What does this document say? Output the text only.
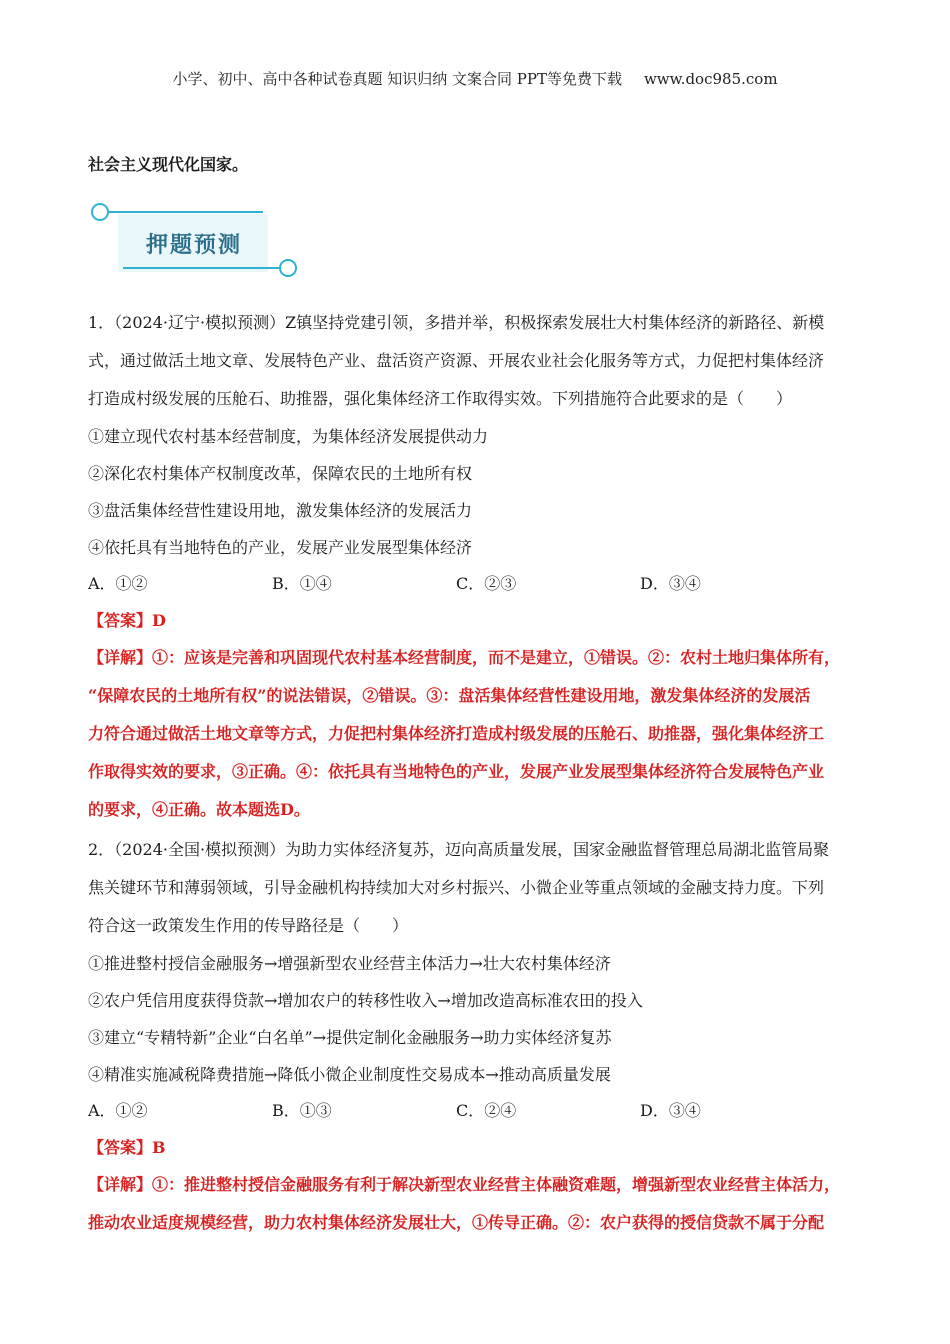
小学、初中、高中各种试卷真题 知识归纳 文案合同 PPT等免费下载 www.doc985.com

社会主义现代化国家。

押题预测

1．（2024·辽宁·模拟预测）Z镇坚持党建引领，多措并举，积极探索发展壮大村集体经济的新路径、新模

式，通过做活土地文章、发展特色产业、盘活资产资源、开展农业社会化服务等方式，力促把村集体经济

打造成村级发展的压舱石、助推器，强化集体经济工作取得实效。下列措施符合此要求的是（　　）

①建立现代农村基本经营制度，为集体经济发展提供动力

②深化农村集体产权制度改革，保障农民的土地所有权

③盘活集体经营性建设用地，激发集体经济的发展活力

④依托具有当地特色的产业，发展产业发展型集体经济

A．①②	B．①④	C．②③	D．③④

【答案】D

【详解】①：应该是完善和巩固现代农村基本经营制度，而不是建立，①错误。②：农村土地归集体所有，

“保障农民的土地所有权”的说法错误，②错误。③：盘活集体经营性建设用地，激发集体经济的发展活

力符合通过做活土地文章等方式，力促把村集体经济打造成村级发展的压舱石、助推器，强化集体经济工

作取得实效的要求，③正确。④：依托具有当地特色的产业，发展产业发展型集体经济符合发展特色产业

的要求，④正确。故本题选D。

2．（2024·全国·模拟预测）为助力实体经济复苏，迈向高质量发展，国家金融监督管理总局湖北监管局聚

焦关键环节和薄弱领域，引导金融机构持续加大对乡村振兴、小微企业等重点领域的金融支持力度。下列

符合这一政策发生作用的传导路径是（　　）

①推进整村授信金融服务→增强新型农业经营主体活力→壮大农村集体经济

②农户凭信用度获得贷款→增加农户的转移性收入→增加改造高标准农田的投入

③建立“专精特新”企业“白名单”→提供定制化金融服务→助力实体经济复苏

④精准实施减税降费措施→降低小微企业制度性交易成本→推动高质量发展

A．①②	B．①③	C．②④	D．③④

【答案】B

【详解】①：推进整村授信金融服务有利于解决新型农业经营主体融资难题，增强新型农业经营主体活力，

推动农业适度规模经营，助力农村集体经济发展壮大，①传导正确。②：农户获得的授信贷款不属于分配
